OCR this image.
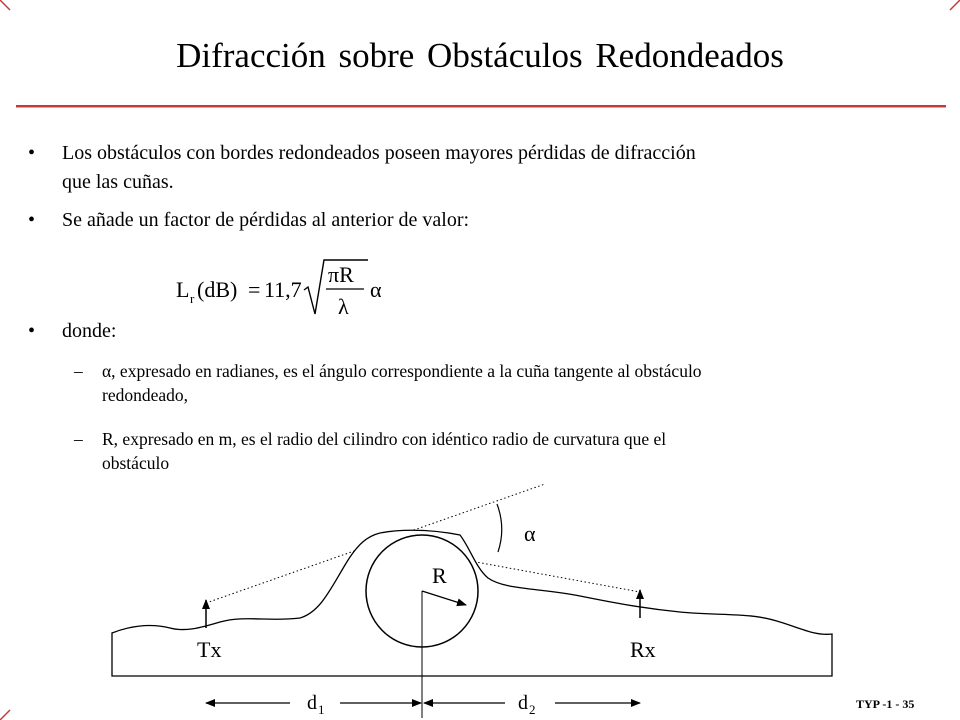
Difracción sobre Obstáculos Redondeados
• Los obstáculos con bordes redondeados poseen mayores pérdidas de difracción
que las cuñas.
• Se añade un factor de pérdidas al anterior de valor:
L r (dB) = 11,7
πR
λ
α
• donde:
– α, expresado en radianes, es el ángulo correspondiente a la cuña tangente al obstáculo
redondeado,
– R, expresado en m, es el radio del cilindro con idéntico radio de curvatura que el
obstáculo
α
R
Tx	Rx
d 1	d 2	TYP -1 - 35
